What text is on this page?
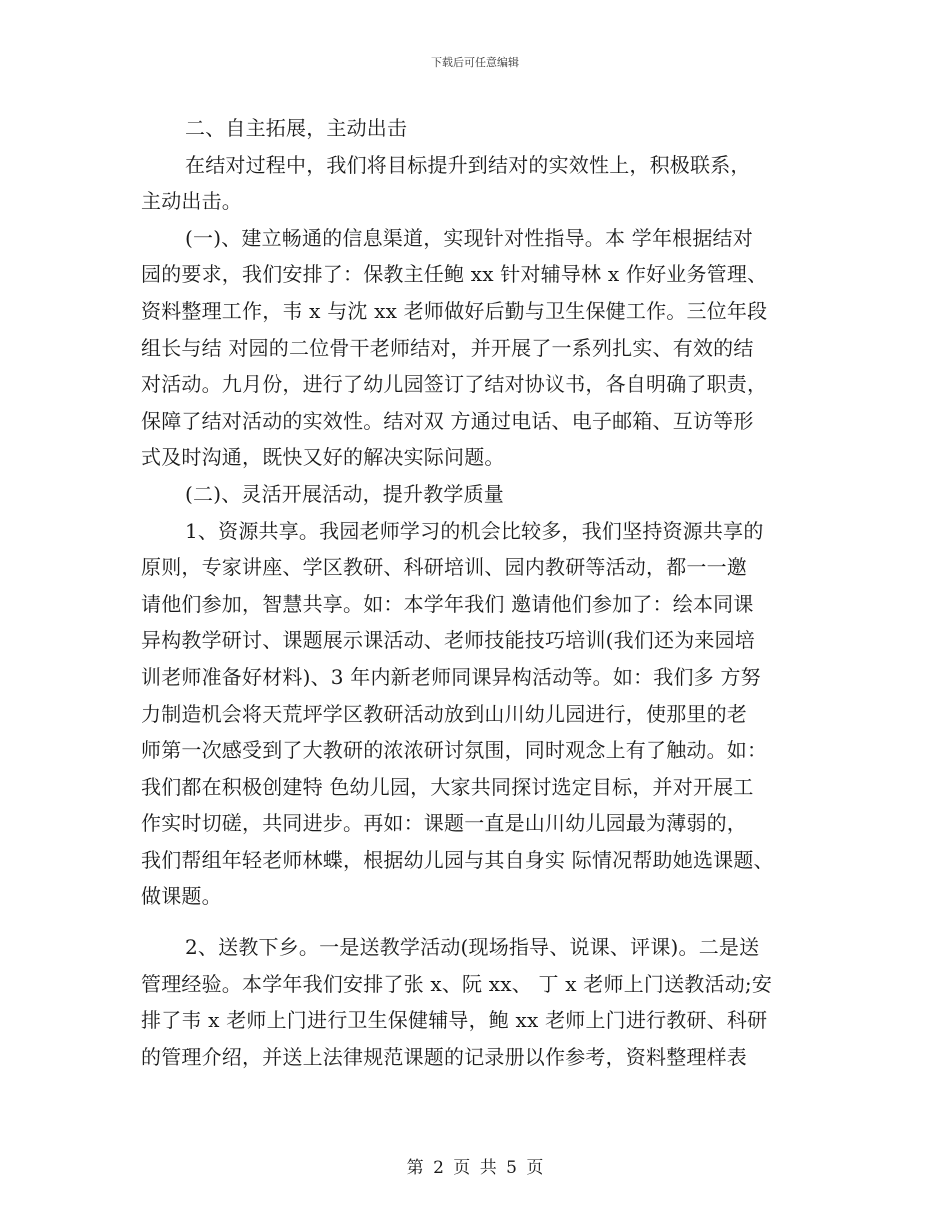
下载后可任意编辑
二、自主拓展，主动出击
在结对过程中，我们将目标提升到结对的实效性上，积极联系，
主动出击。
(一)、建立畅通的信息渠道，实现针对性指导。本 学年根据结对
园的要求，我们安排了：保教主任鲍 xx 针对辅导林 x 作好业务管理、
资料整理工作，韦 x 与沈 xx 老师做好后勤与卫生保健工作。三位年段
组长与结 对园的二位骨干老师结对，并开展了一系列扎实、有效的结
对活动。九月份，进行了幼儿园签订了结对协议书，各自明确了职责，
保障了结对活动的实效性。结对双 方通过电话、电子邮箱、互访等形
式及时沟通，既快又好的解决实际问题。
(二)、灵活开展活动，提升教学质量
1、资源共享。我园老师学习的机会比较多，我们坚持资源共享的
原则，专家讲座、学区教研、科研培训、园内教研等活动，都一一邀
请他们参加，智慧共享。如：本学年我们 邀请他们参加了：绘本同课
异构教学研讨、课题展示课活动、老师技能技巧培训(我们还为来园培
训老师准备好材料)、3 年内新老师同课异构活动等。如：我们多 方努
力制造机会将天荒坪学区教研活动放到山川幼儿园进行，使那里的老
师第一次感受到了大教研的浓浓研讨氛围，同时观念上有了触动。如：
我们都在积极创建特 色幼儿园，大家共同探讨选定目标，并对开展工
作实时切磋，共同进步。再如：课题一直是山川幼儿园最为薄弱的，
我们帮组年轻老师林蝶，根据幼儿园与其自身实 际情况帮助她选课题、
做课题。
2、送教下乡。一是送教学活动(现场指导、说课、评课)。二是送
管理经验。本学年我们安排了张 x、阮 xx、 丁 x 老师上门送教活动;安
排了韦 x 老师上门进行卫生保健辅导，鲍 xx 老师上门进行教研、科研
的管理介绍，并送上法律规范课题的记录册以作参考，资料整理样表
第 2 页 共 5 页
